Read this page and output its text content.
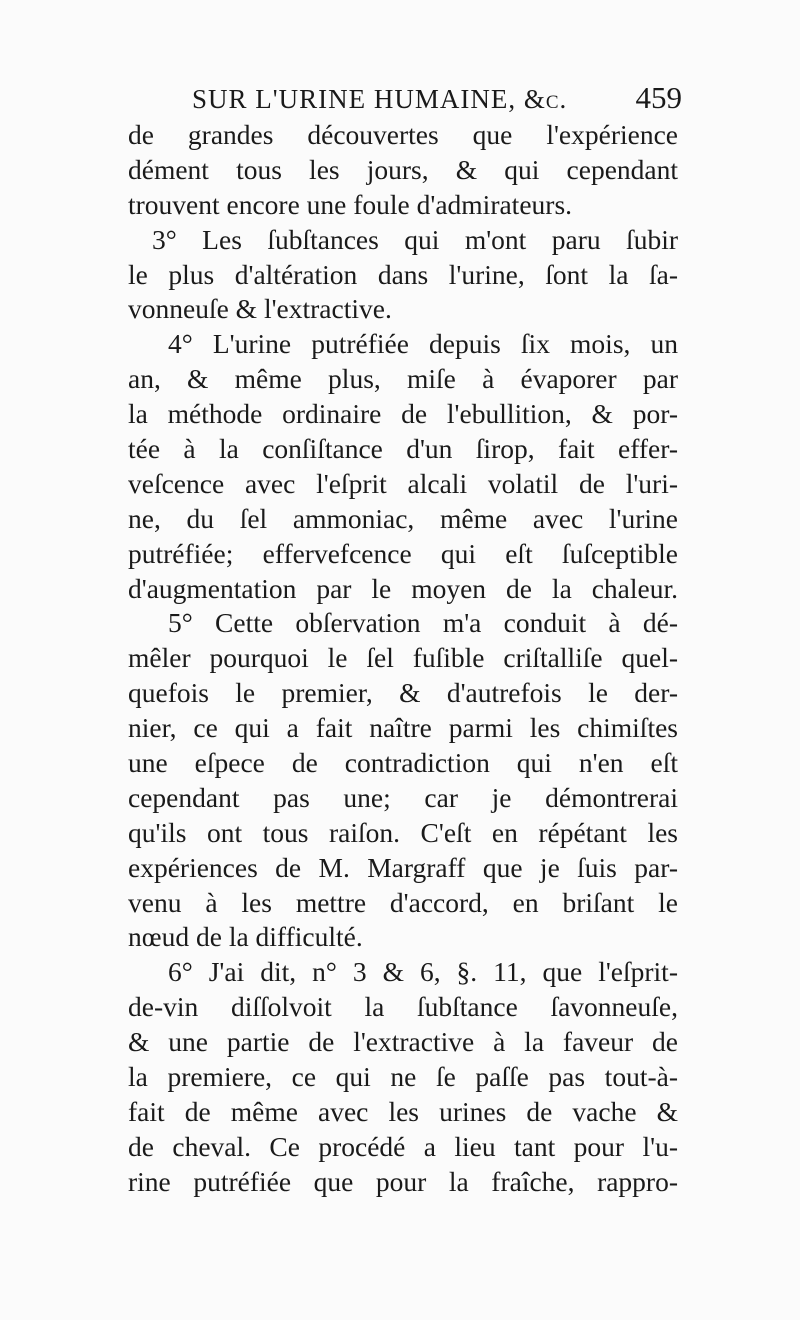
SUR L'URINE HUMAINE, &c. 459
de grandes découvertes que l'expérience
dément tous les jours, & qui cependant
trouvent encore une foule d'admirateurs.
3° Les ſubſtances qui m'ont paru ſubir
le plus d'altération dans l'urine, ſont la ſa-
vonneuſe & l'extractive.
4° L'urine putréfiée depuis ſix mois, un
an, & même plus, miſe à évaporer par
la méthode ordinaire de l'ebullition, & por-
tée à la conſiſtance d'un ſirop, fait effer-
veſcence avec l'eſprit alcali volatil de l'uri-
ne, du ſel ammoniac, même avec l'urine
putréfiée; effervefcence qui eſt ſuſceptible
d'augmentation par le moyen de la chaleur.
5° Cette obſervation m'a conduit à dé-
mêler pourquoi le ſel fuſible criſtalliſe quel-
quefois le premier, & d'autrefois le der-
nier, ce qui a fait naître parmi les chimiſtes
une eſpece de contradiction qui n'en eſt
cependant pas une; car je démontrerai
qu'ils ont tous raiſon. C'eſt en répétant les
expériences de M. Margraff que je ſuis par-
venu à les mettre d'accord, en briſant le
nœud de la difficulté.
6° J'ai dit, n° 3 & 6, §. 11, que l'eſprit-
de-vin diſſolvoit la ſubſtance ſavonneuſe,
& une partie de l'extractive à la faveur de
la premiere, ce qui ne ſe paſſe pas tout-à-
fait de même avec les urines de vache &
de cheval. Ce procédé a lieu tant pour l'u-
rine putréfiée que pour la fraîche, rappro-
